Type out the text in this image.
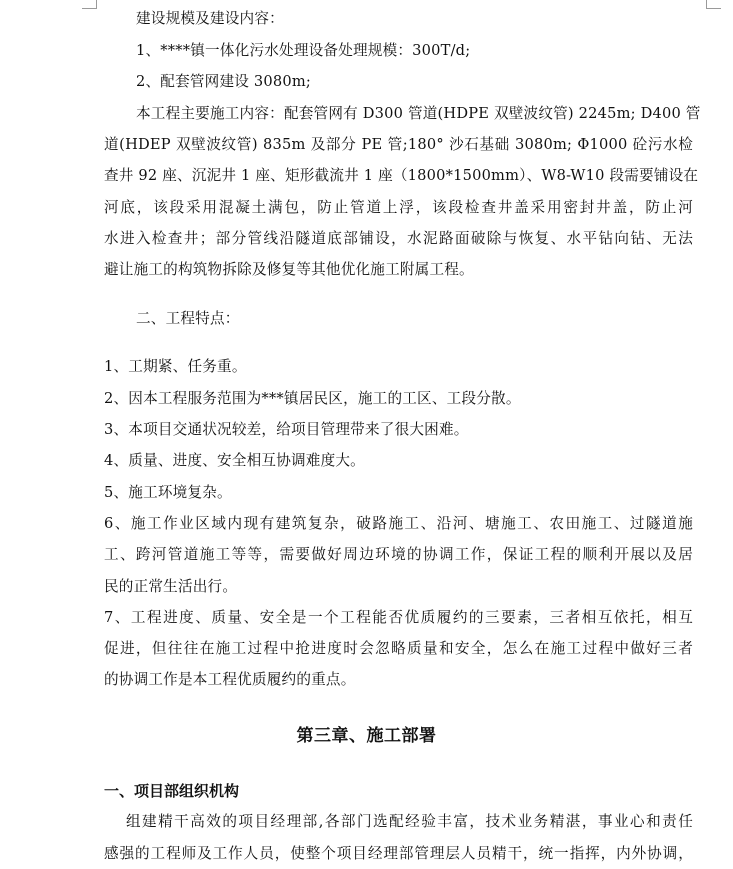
建设规模及建设内容：
1、****镇一体化污水处理设备处理规模：300T/d;
2、配套管网建设 3080m;
本工程主要施工内容：配套管网有 D300 管道(HDPE 双壁波纹管) 2245m; D400 管
道(HDEP 双壁波纹管) 835m 及部分 PE 管;180° 沙石基础 3080m; Φ1000 砼污水检
查井 92 座、沉泥井 1 座、矩形截流井 1 座（1800*1500mm）、W8-W10 段需要铺设在
河底，该段采用混凝土满包，防止管道上浮，该段检查井盖采用密封井盖，防止河
水进入检查井；部分管线沿隧道底部铺设，水泥路面破除与恢复、水平钻向钻、无法
避让施工的构筑物拆除及修复等其他优化施工附属工程。
二、工程特点：
1、工期紧、任务重。
2、因本工程服务范围为***镇居民区，施工的工区、工段分散。
3、本项目交通状况较差，给项目管理带来了很大困难。
4、质量、进度、安全相互协调难度大。
5、施工环境复杂。
6、施工作业区域内现有建筑复杂，破路施工、沿河、塘施工、农田施工、过隧道施
工、跨河管道施工等等，需要做好周边环境的协调工作，保证工程的顺利开展以及居
民的正常生活出行。
7、工程进度、质量、安全是一个工程能否优质履约的三要素，三者相互依托，相互
促进，但往往在施工过程中抢进度时会忽略质量和安全，怎么在施工过程中做好三者
的协调工作是本工程优质履约的重点。
第三章、施工部署
一、项目部组织机构
组建精干高效的项目经理部,各部门选配经验丰富，技术业务精湛，事业心和责任
感强的工程师及工作人员，使整个项目经理部管理层人员精干，统一指挥，内外协调，
